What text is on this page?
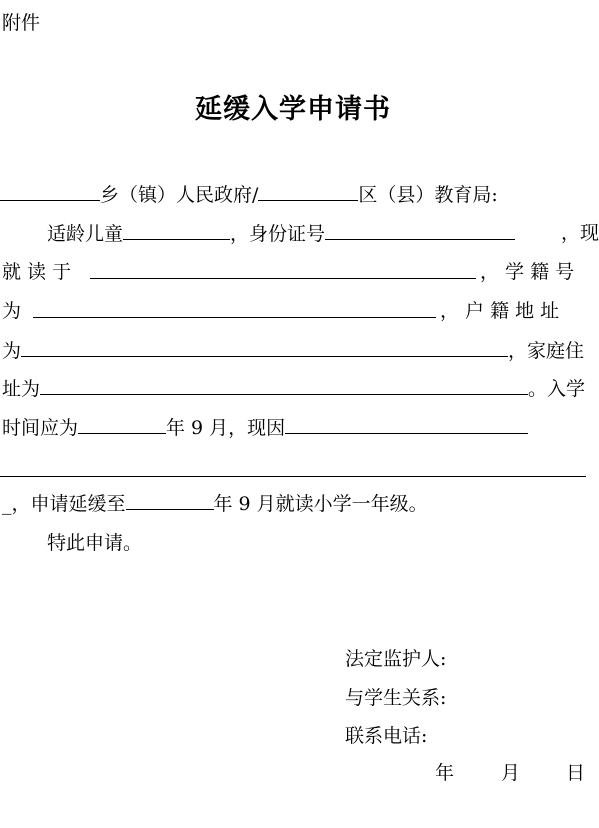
附件
延缓入学申请书
乡（镇）人民政府/	区（县）教育局:
适龄儿童	，身份证号	，现
就 读 于	， 学 籍 号
为	， 户 籍 地 址
为	，家庭住
址为	。入学
时间应为	年 9 月，现因
_，申请延缓至	年 9 月就读小学一年级。
特此申请。
法定监护人:
与学生关系:
联系电话:
年 月 日
